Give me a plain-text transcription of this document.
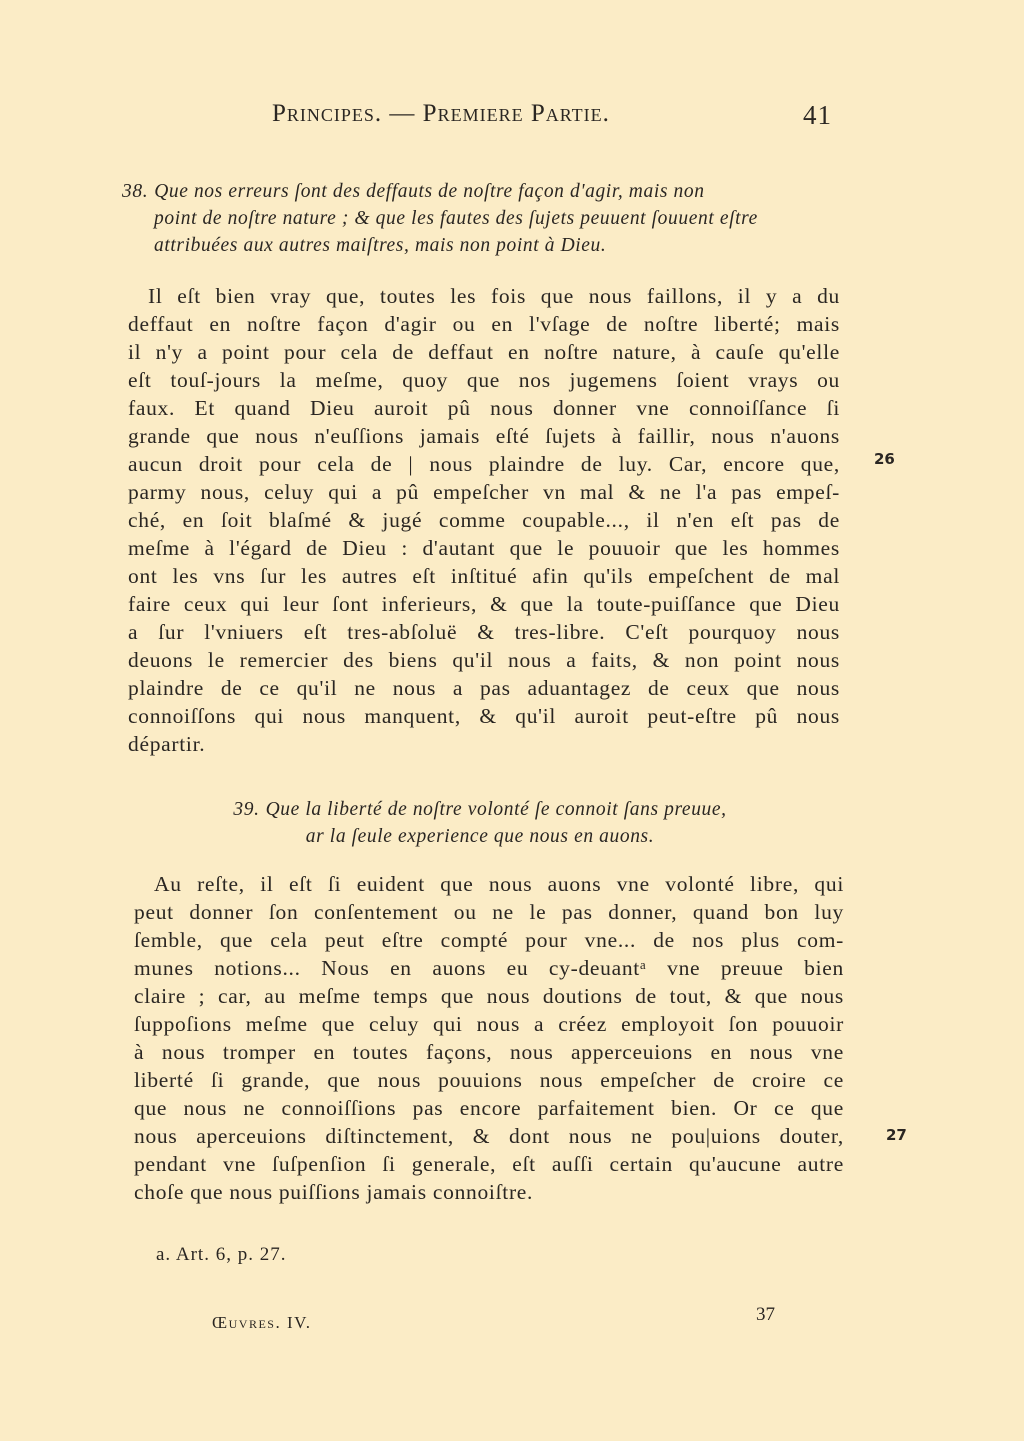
Principes. — Premiere Partie.	41
38. Que nos erreurs ſont des deffauts de noſtre façon d'agir, mais non
point de noſtre nature ; & que les fautes des ſujets peuuent ſouuent eſtre
attribuées aux autres maiſtres, mais non point à Dieu.
Il eſt bien vray que, toutes les fois que nous faillons, il y a du
deffaut en noſtre façon d'agir ou en l'vſage de noſtre liberté; mais
il n'y a point pour cela de deffaut en noſtre nature, à cauſe qu'elle
eſt touſ-jours la meſme, quoy que nos jugemens ſoient vrays ou
faux. Et quand Dieu auroit pû nous donner vne connoiſſance ſi
grande que nous n'euſſions jamais eſté ſujets à faillir, nous n'auons
aucun droit pour cela de | nous plaindre de luy. Car, encore que,
parmy nous, celuy qui a pû empeſcher vn mal & ne l'a pas empeſ-
ché, en ſoit blaſmé & jugé comme coupable..., il n'en eſt pas de
meſme à l'égard de Dieu : d'autant que le pouuoir que les hommes
ont les vns ſur les autres eſt inſtitué afin qu'ils empeſchent de mal
faire ceux qui leur ſont inferieurs, & que la toute-puiſſance que Dieu
a ſur l'vniuers eſt tres-abſoluë & tres-libre. C'eſt pourquoy nous
deuons le remercier des biens qu'il nous a faits, & non point nous
plaindre de ce qu'il ne nous a pas aduantagez de ceux que nous
connoiſſons qui nous manquent, & qu'il auroit peut-eſtre pû nous
départir.
26
39. Que la liberté de noſtre volonté ſe connoit ſans preuue,
ar la ſeule experience que nous en auons.
Au reſte, il eſt ſi euident que nous auons vne volonté libre, qui
peut donner ſon conſentement ou ne le pas donner, quand bon luy
ſemble, que cela peut eſtre compté pour vne... de nos plus com-
munes notions... Nous en auons eu cy-deuantᵃ vne preuue bien
claire ; car, au meſme temps que nous doutions de tout, & que nous
ſuppoſions meſme que celuy qui nous a créez employoit ſon pouuoir
à nous tromper en toutes façons, nous apperceuions en nous vne
liberté ſi grande, que nous pouuions nous empeſcher de croire ce
que nous ne connoiſſions pas encore parfaitement bien. Or ce que
nous aperceuions diſtinctement, & dont nous ne pou|uions douter,
pendant vne ſuſpenſion ſi generale, eſt auſſi certain qu'aucune autre
choſe que nous puiſſions jamais connoiſtre.
27
a. Art. 6, p. 27.
Œuvres. IV.	37
